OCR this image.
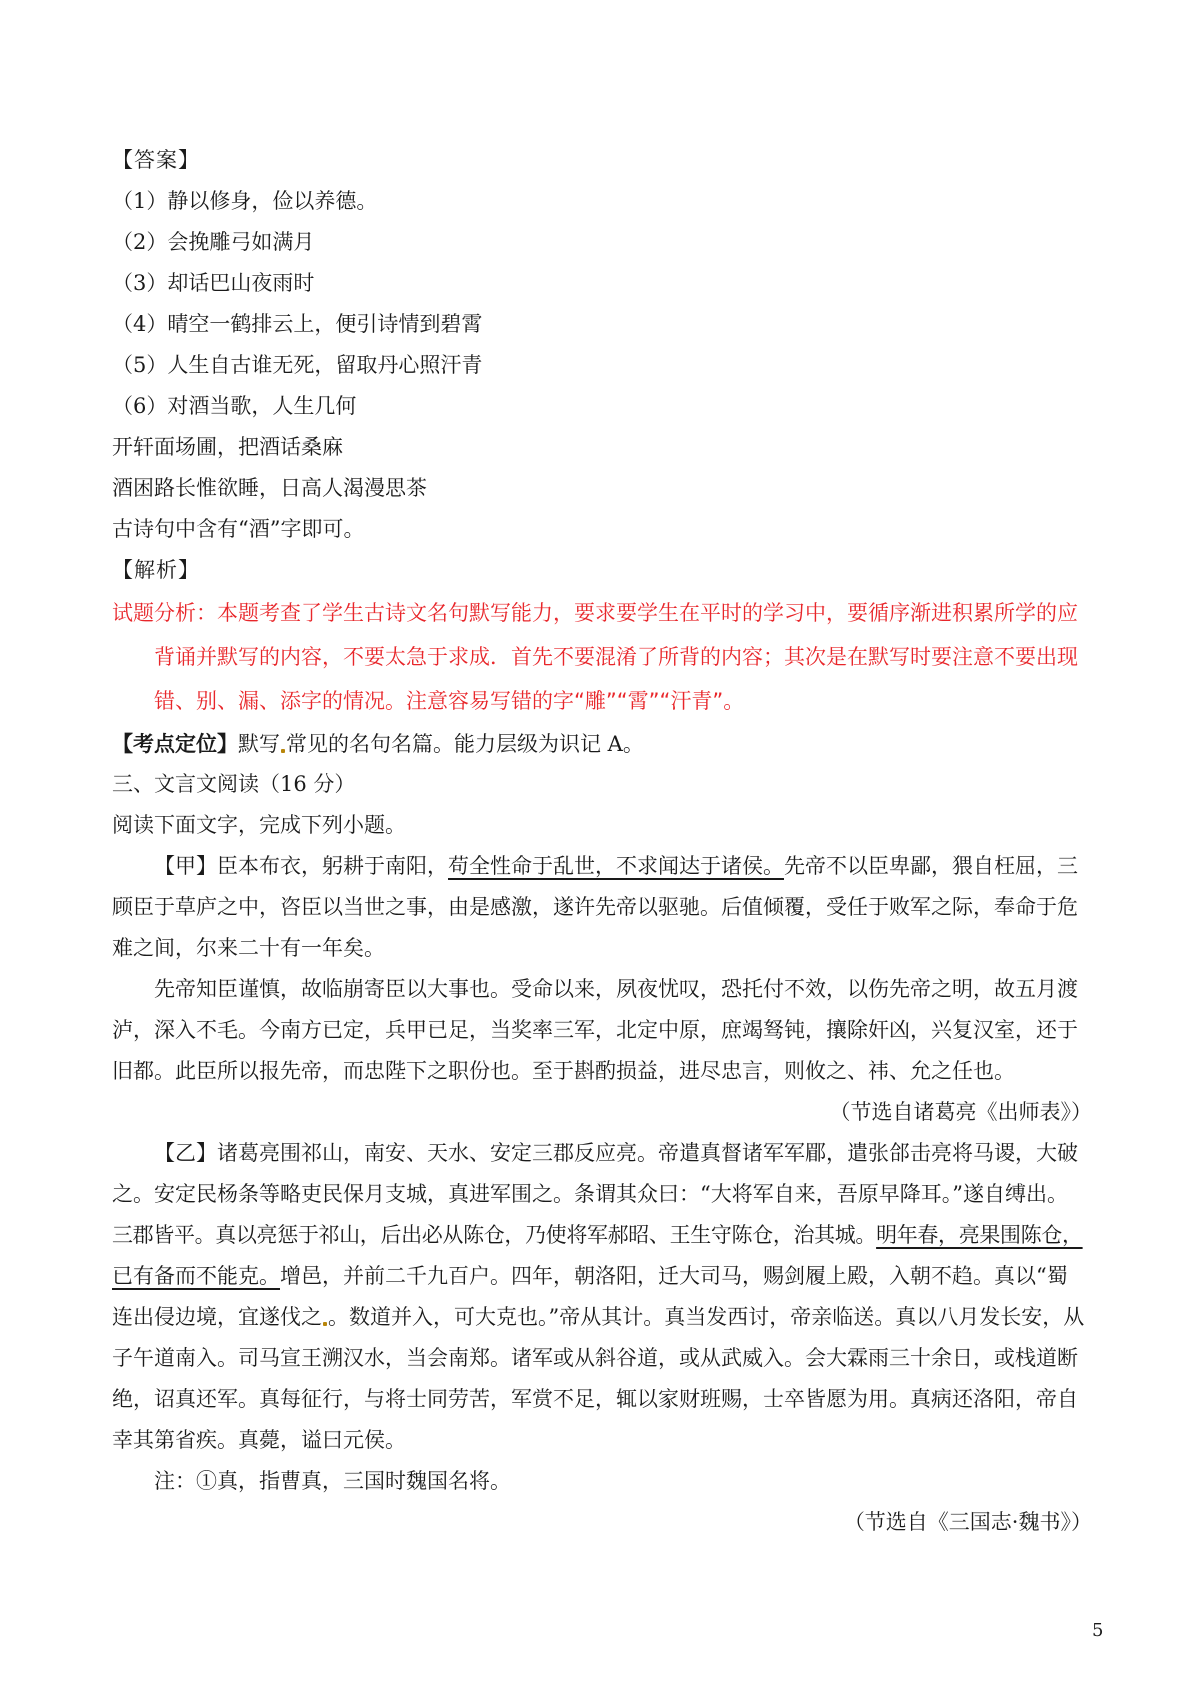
【答案】
（1）静以修身，俭以养德。
（2）会挽雕弓如满月
（3）却话巴山夜雨时
（4）晴空一鹤排云上，便引诗情到碧霄
（5）人生自古谁无死，留取丹心照汗青
（6）对酒当歌，人生几何
开轩面场圃，把酒话桑麻
酒困路长惟欲睡，日高人渴漫思茶
古诗句中含有“酒”字即可。
【解析】
试题分析：本题考查了学生古诗文名句默写能力，要求要学生在平时的学习中，要循序渐进积累所学的应
背诵并默写的内容，不要太急于求成．首先不要混淆了所背的内容；其次是在默写时要注意不要出现
错、别、漏、添字的情况。注意容易写错的字“雕”“霄”“汗青”。
【考点定位】默写 常见的名句名篇。能力层级为识记 A。
三、文言文阅读（16 分）
阅读下面文字，完成下列小题。
【甲】臣本布衣，躬耕于南阳，苟全性命于乱世，不求闻达于诸侯。先帝不以臣卑鄙，猥自枉屈，三
顾臣于草庐之中，咨臣以当世之事，由是感激，遂许先帝以驱驰。后值倾覆，受任于败军之际，奉命于危
难之间，尔来二十有一年矣。
先帝知臣谨慎，故临崩寄臣以大事也。受命以来，夙夜忧叹，恐托付不效，以伤先帝之明，故五月渡
泸，深入不毛。今南方已定，兵甲已足，当奖率三军，北定中原，庶竭驽钝，攘除奸凶，兴复汉室，还于
旧都。此臣所以报先帝，而忠陛下之职份也。至于斟酌损益，进尽忠言，则攸之、祎、允之任也。
（节选自诸葛亮《出师表》）
【乙】诸葛亮围祁山，南安、天水、安定三郡反应亮。帝遣真督诸军军郿，遣张郃击亮将马谡，大破
之。安定民杨条等略吏民保月支城，真进军围之。条谓其众曰：“大将军自来，吾原早降耳。”遂自缚出。
三郡皆平。真以亮惩于祁山，后出必从陈仓，乃使将军郝昭、王生守陈仓，治其城。明年春，亮果围陈仓，
已有备而不能克。增邑，并前二千九百户。四年，朝洛阳，迁大司马，赐剑履上殿，入朝不趋。真以“蜀
连出侵边境，宜遂伐之 。数道并入，可大克也。”帝从其计。真当发西讨，帝亲临送。真以八月发长安，从
子午道南入。司马宣王溯汉水，当会南郑。诸军或从斜谷道，或从武威入。会大霖雨三十余日，或栈道断
绝，诏真还军。真每征行，与将士同劳苦，军赏不足，辄以家财班赐，士卒皆愿为用。真病还洛阳，帝自
幸其第省疾。真薨，谥曰元侯。
注：①真，指曹真，三国时魏国名将。
（节选自《三国志·魏书》）
5
